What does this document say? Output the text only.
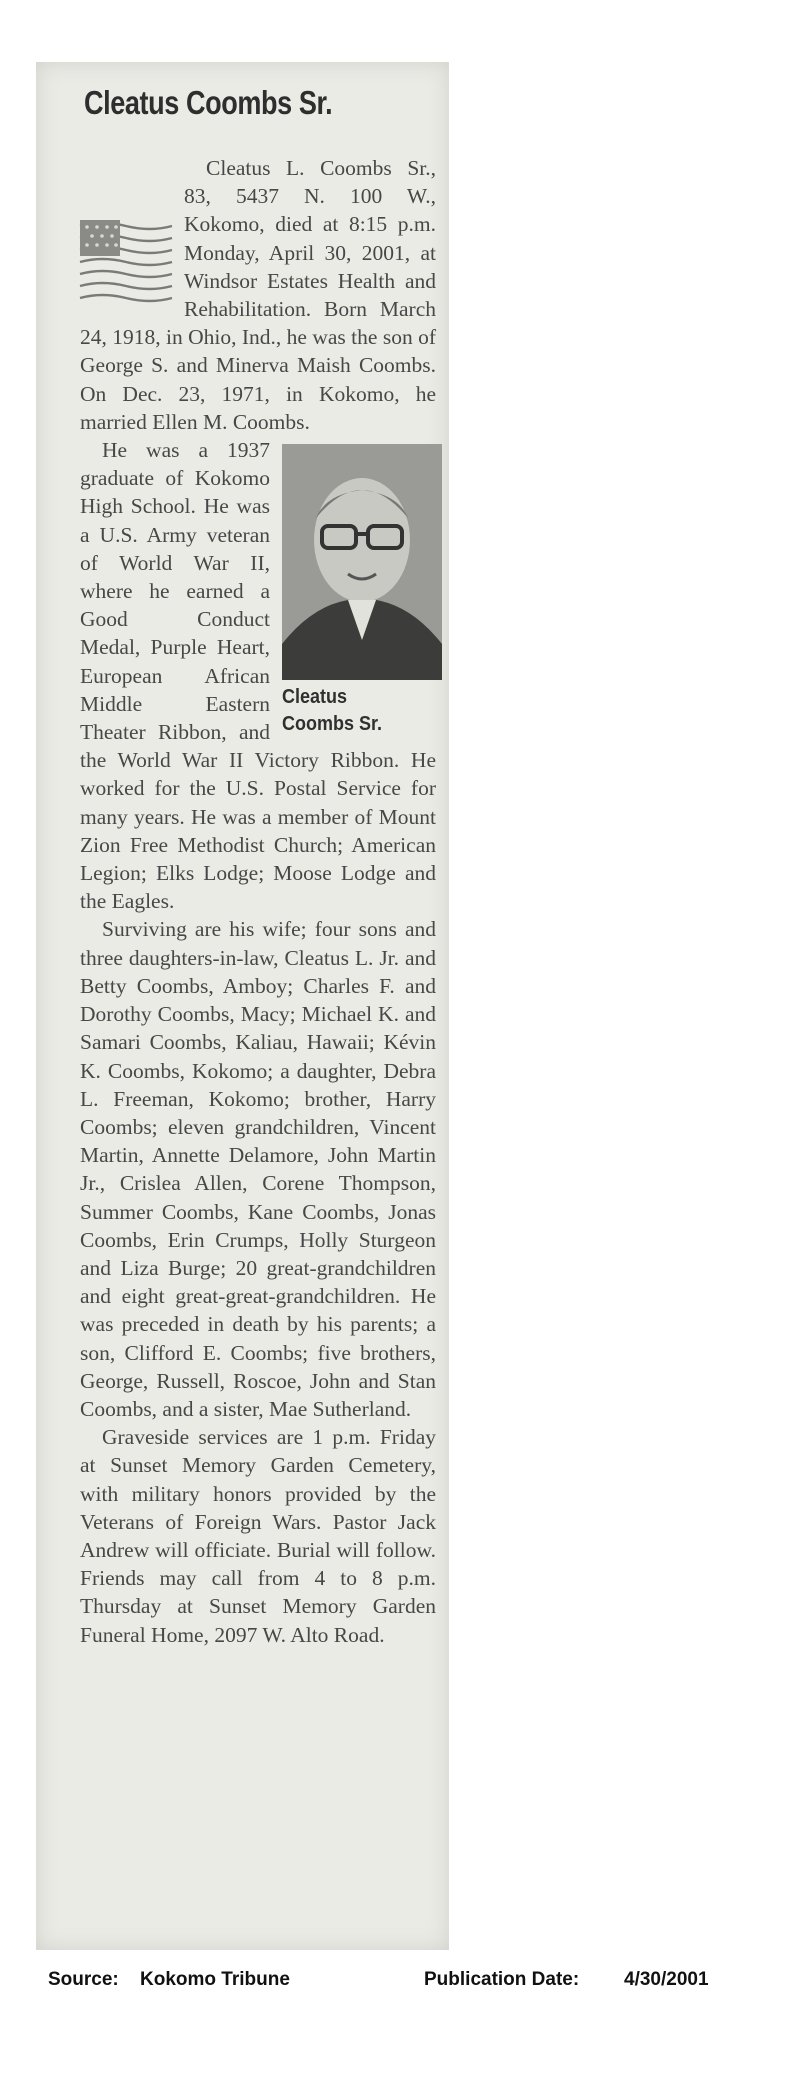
Cleatus Coombs Sr.

Cleatus L. Coombs Sr., 83, 5437 N. 100 W., Kokomo, died at 8:15 p.m. Monday, April 30, 2001, at Windsor Estates Health and Rehabilitation. Born March 24, 1918, in Ohio, Ind., he was the son of George S. and Minerva Maish Coombs. On Dec. 23, 1971, in Kokomo, he married Ellen M. Coombs.

Cleatus
Coombs Sr.

He was a 1937 graduate of Kokomo High School. He was a U.S. Army veteran of World War II, where he earned a Good Conduct Medal, Purple Heart, European African Middle Eastern Theater Ribbon, and the World War II Victory Ribbon. He worked for the U.S. Postal Service for many years. He was a member of Mount Zion Free Methodist Church; American Legion; Elks Lodge; Moose Lodge and the Eagles.

Surviving are his wife; four sons and three daughters-in-law, Cleatus L. Jr. and Betty Coombs, Amboy; Charles F. and Dorothy Coombs, Macy; Michael K. and Samari Coombs, Kaliau, Hawaii; Kévin K. Coombs, Kokomo; a daughter, Debra L. Freeman, Kokomo; brother, Harry Coombs; eleven grandchildren, Vincent Martin, Annette Delamore, John Martin Jr., Crislea Allen, Corene Thompson, Summer Coombs, Kane Coombs, Jonas Coombs, Erin Crumps, Holly Sturgeon and Liza Burge; 20 great-grandchildren and eight great-great-grandchildren. He was preceded in death by his parents; a son, Clifford E. Coombs; five brothers, George, Russell, Roscoe, John and Stan Coombs, and a sister, Mae Sutherland.

Graveside services are 1 p.m. Friday at Sunset Memory Garden Cemetery, with military honors provided by the Veterans of Foreign Wars. Pastor Jack Andrew will officiate. Burial will follow. Friends may call from 4 to 8 p.m. Thursday at Sunset Memory Garden Funeral Home, 2097 W. Alto Road.

Source: Kokomo Tribune	Publication Date: 4/30/2001
